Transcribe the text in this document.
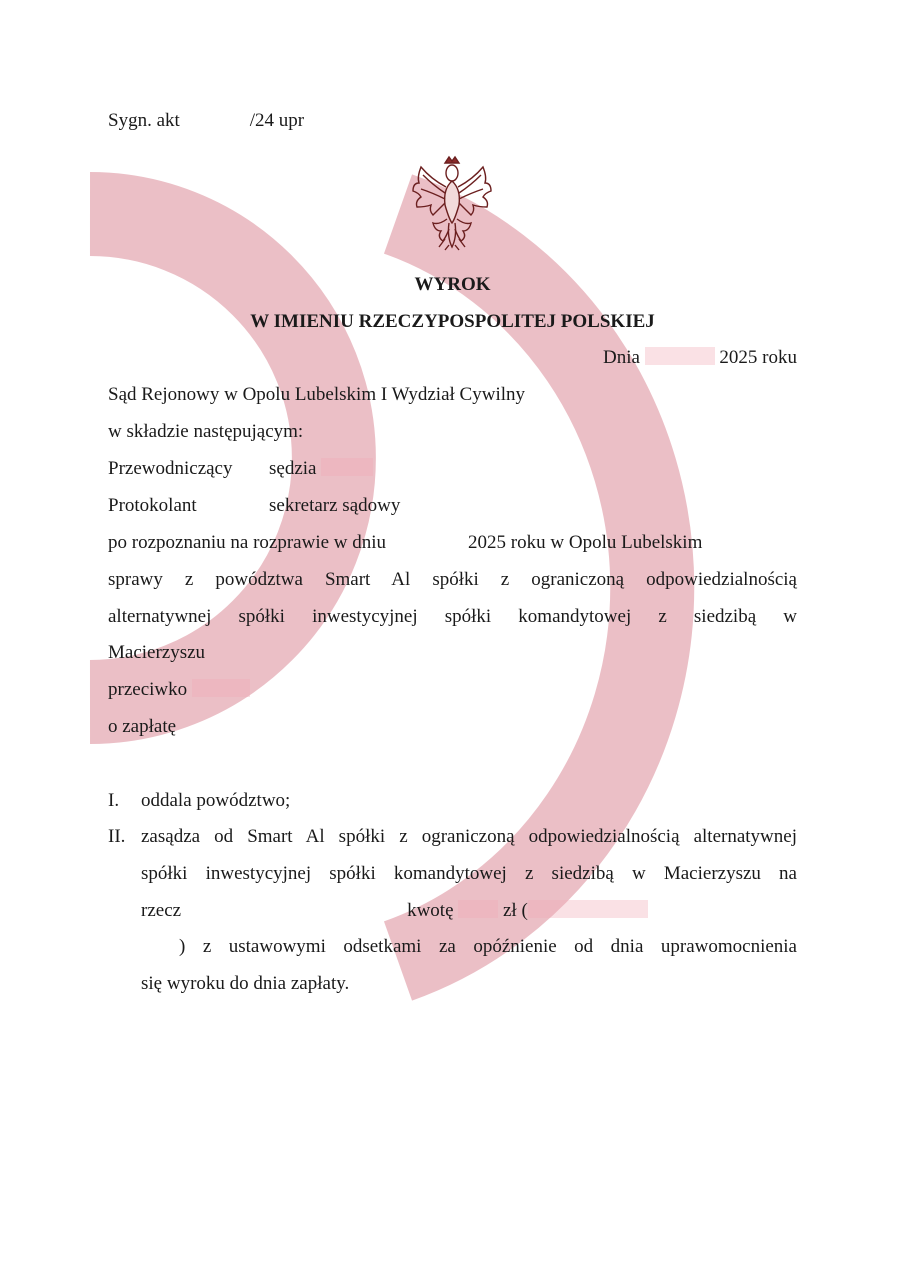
Sygn. akt	/24 upr
WYROK
W IMIENIU RZECZYPOSPOLITEJ POLSKIEJ
Dnia	2025 roku
Sąd Rejonowy w Opolu Lubelskim I Wydział Cywilny
w składzie następującym:
Przewodniczący sędzia
Protokolant	sekretarz sądowy
po rozpoznaniu na rozprawie w dniu	2025 roku w Opolu Lubelskim
sprawy z powództwa Smart Al spółki z ograniczoną odpowiedzialnością
alternatywnej spółki inwestycyjnej spółki komandytowej z siedzibą w
Macierzyszu
przeciwko
o zapłatę
I. oddala powództwo;
II. zasądza od Smart Al spółki z ograniczoną odpowiedzialnością alternatywnej
spółki inwestycyjnej spółki komandytowej z siedzibą w Macierzyszu na
rzecz	kwotę	zł (
) z ustawowymi odsetkami za opóźnienie od dnia uprawomocnienia
się wyroku do dnia zapłaty.
